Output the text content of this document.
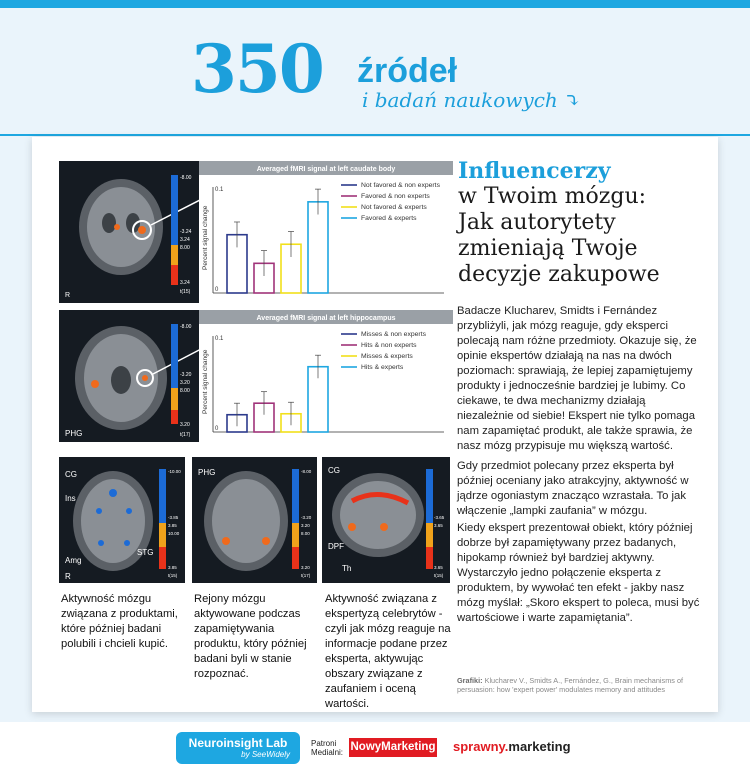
350 źródeł
i badań naukowych ⤵
-8.00
-3.24
3.24
8.00
3.24
t(15)
R
Averaged fMRI signal at left caudate body
0.1
0
Percent signal change
Not favored & non experts
Favored & non experts
Not favored & experts
Favored & experts
-8.00
-3.20
3.20
8.00
3.20
t(17)
PHG
Averaged fMRI signal at left hippocampus
0.1
0
Percent signal change
Misses & non experts
Hits & non experts
Misses & experts
Hits & experts
CG
Ins
Amg
STG
R
-10.00
-3.85
3.85
10.00
3.85
t(15)
PHG	-8.00
-3.20
3.20
8.00
3.20
t(17)
CG
DPF
Th
-3.65
3.65
3.65
t(15)
Aktywność mózgu związana z produktami, które później badani polubili i chcieli kupić.
Rejony mózgu aktywowane podczas zapamiętywania produktu, który później badani byli w stanie rozpoznać.
Aktywność związana z ekspertyzą celebrytów - czyli jak mózg reaguje na informacje podane przez eksperta, aktywując obszary związane z zaufaniem i oceną wartości.
Influencerzy
w Twoim mózgu:
Jak autorytety
zmieniają Twoje
decyzje zakupowe
Badacze Klucharev, Smidts i Fernández przybliżyli, jak mózg reaguje, gdy eksperci polecają nam różne przedmioty. Okazuje się, że opinie ekspertów działają na nas na dwóch poziomach: sprawiają, że lepiej zapamiętujemy produkty i jednocześnie bardziej je lubimy. Co ciekawe, te dwa mechanizmy działają niezależnie od siebie! Ekspert nie tylko pomaga nam zapamiętać produkt, ale także sprawia, że nasz mózg przypisuje mu większą wartość.
Gdy przedmiot polecany przez eksperta był później oceniany jako atrakcyjny, aktywność w jądrze ogoniastym znacząco wzrastała. To jak włączenie „lampki zaufania” w mózgu.
Kiedy ekspert prezentował obiekt, który później dobrze był zapamiętywany przez badanych, hipokamp również był bardziej aktywny. Wystarczyło jedno połączenie eksperta z produktem, by wywołać ten efekt - jakby nasz mózg myślał: „Skoro ekspert to poleca, musi być wartościowe i warte zapamiętania”.
Grafiki: Klucharev V., Smidts A., Fernández, G., Brain mechanisms of persuasion: how 'expert power' modulates memory and attitudes
Neuroinsight Lab
by SeeWidely
Patroni
Medialni: NowyMarketing sprawny.marketing
